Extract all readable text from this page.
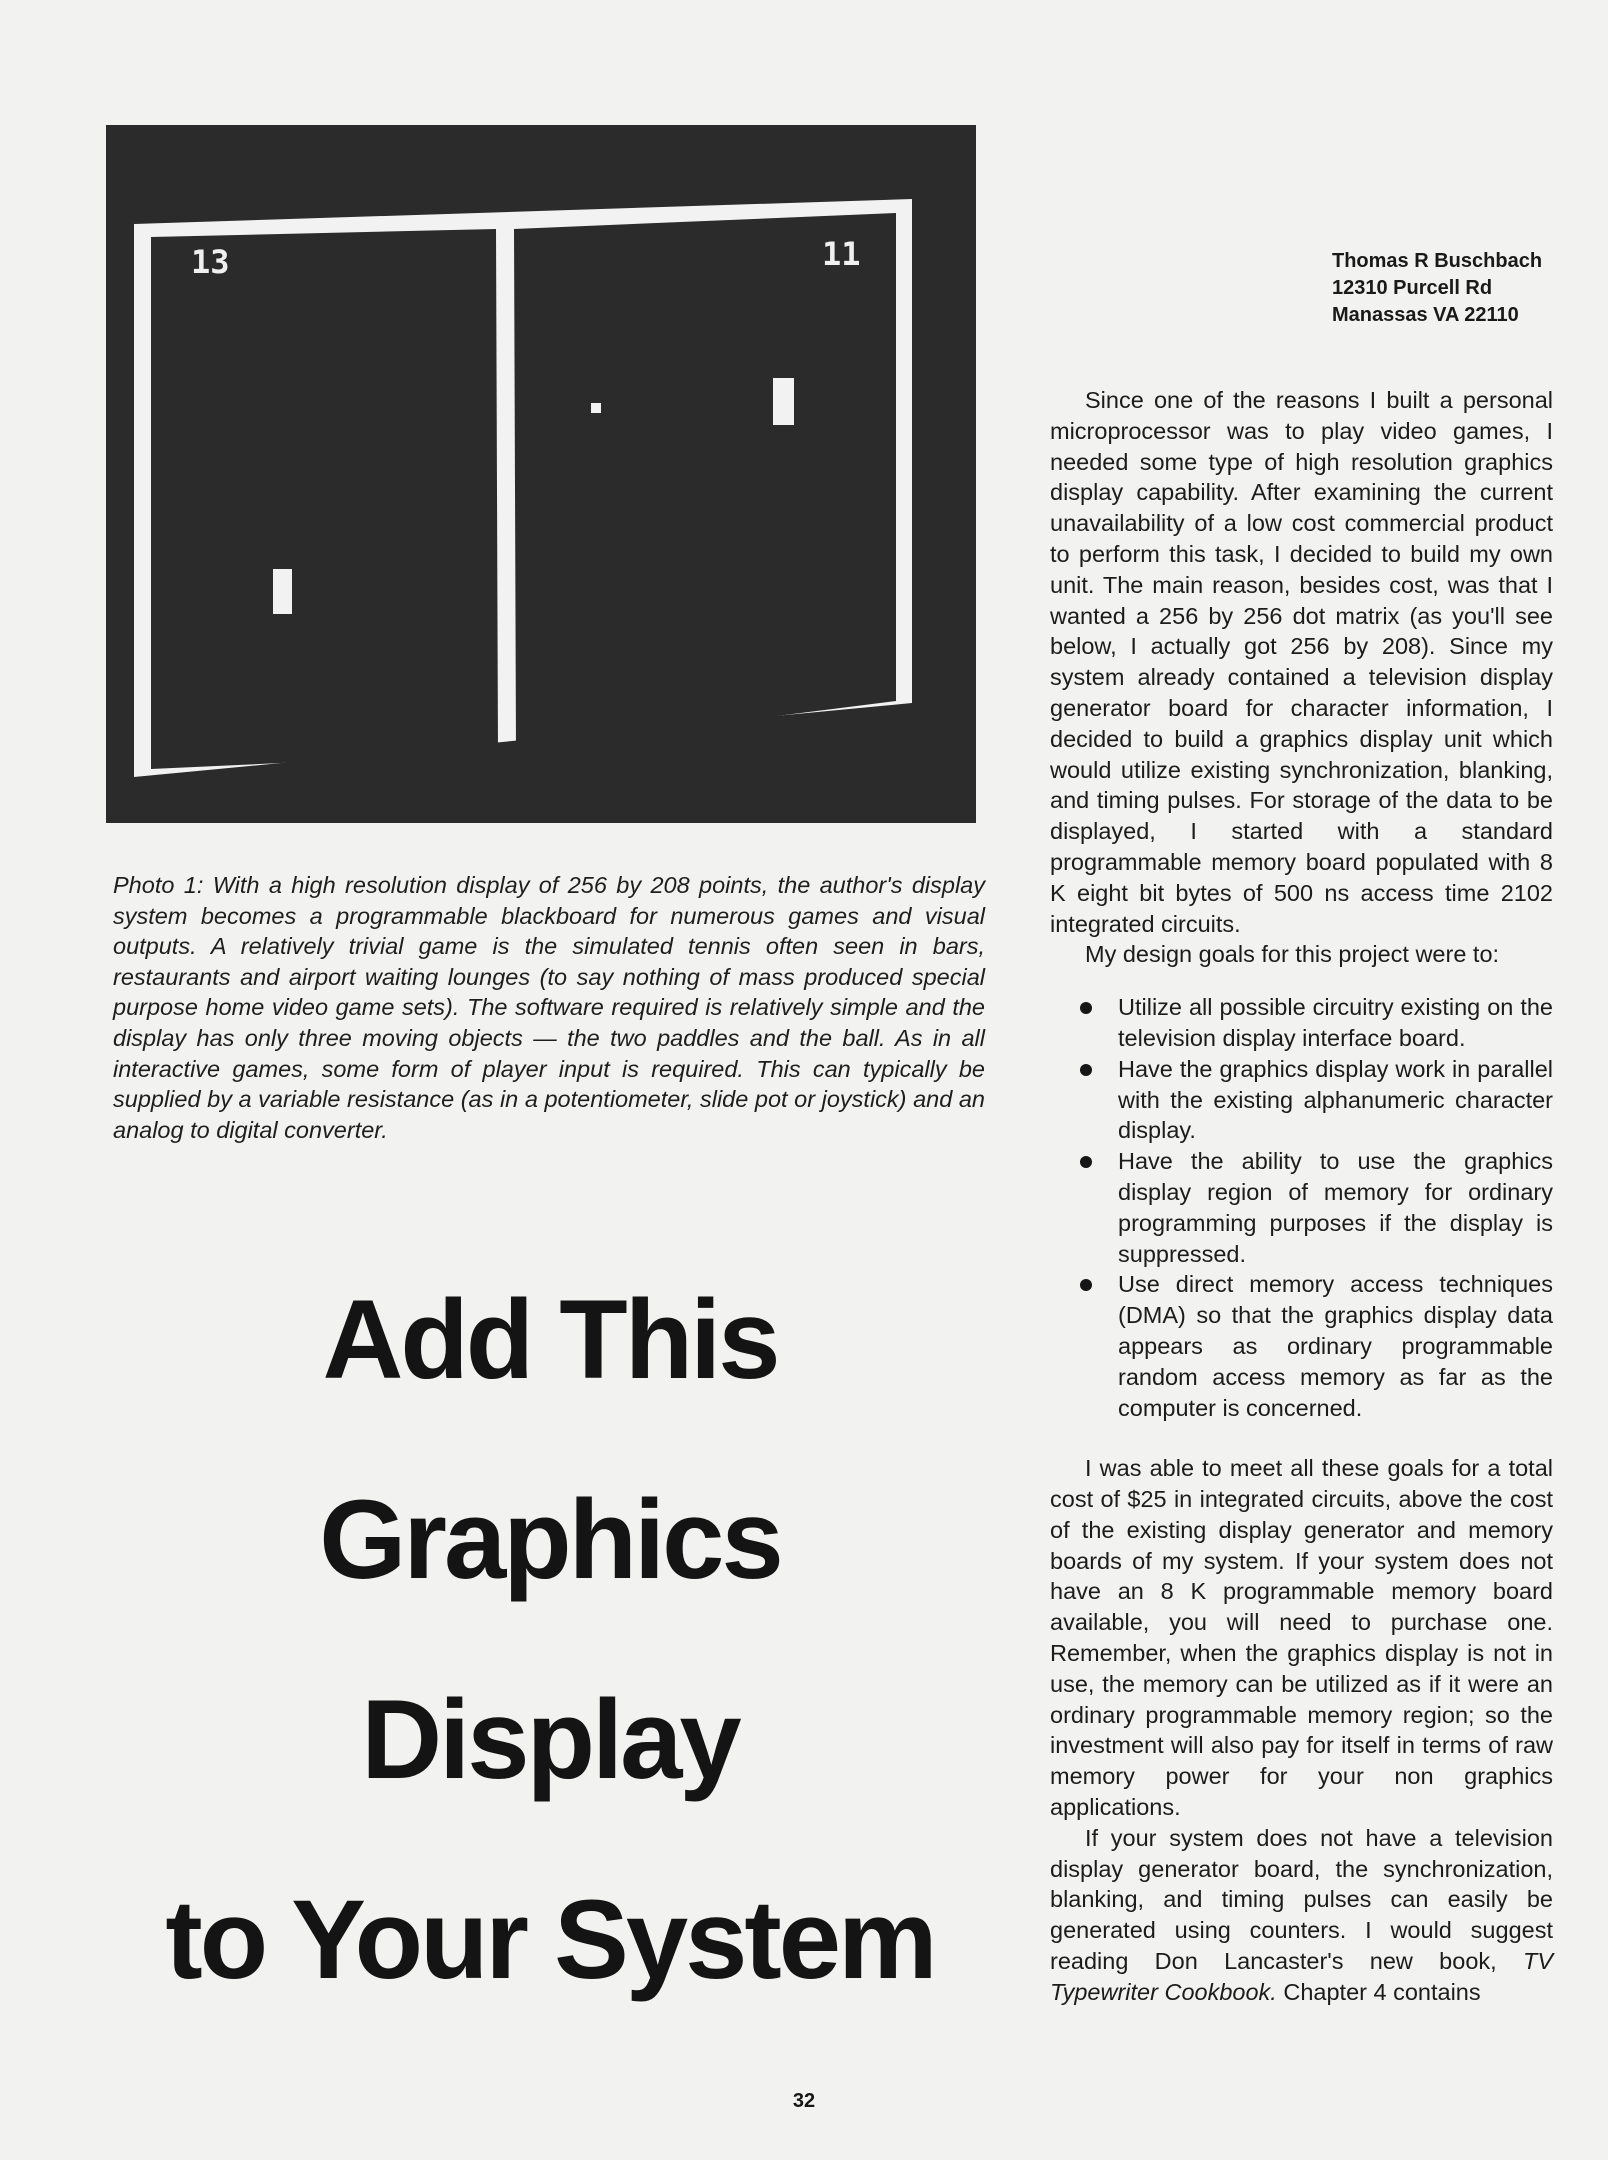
13	11

Photo 1: With a high resolution display of 256 by 208 points, the author's display system becomes a programmable blackboard for numerous games and visual outputs. A relatively trivial game is the simulated tennis often seen in bars, restaurants and airport waiting lounges (to say nothing of mass produced special purpose home video game sets). The software required is relatively simple and the display has only three moving objects — the two paddles and the ball. As in all interactive games, some form of player input is required. This can typically be supplied by a variable resistance (as in a potentiometer, slide pot or joystick) and an analog to digital converter.

Add This
Graphics
Display
to Your System
Thomas R Buschbach
12310 Purcell Rd
Manassas VA 22110

Since one of the reasons I built a personal microprocessor was to play video games, I needed some type of high resolution graphics display capability. After examining the current unavailability of a low cost commercial product to perform this task, I decided to build my own unit. The main reason, besides cost, was that I wanted a 256 by 256 dot matrix (as you'll see below, I actually got 256 by 208). Since my system already contained a television display generator board for character information, I decided to build a graphics display unit which would utilize existing synchronization, blanking, and timing pulses. For storage of the data to be displayed, I started with a standard programmable memory board populated with 8 K eight bit bytes of 500 ns access time 2102 integrated circuits.

My design goals for this project were to:

Utilize all possible circuitry existing on the television display interface board.
Have the graphics display work in parallel with the existing alphanumeric character display.
Have the ability to use the graphics display region of memory for ordinary programming purposes if the display is suppressed.
Use direct memory access techniques (DMA) so that the graphics display data appears as ordinary programmable random access memory as far as the computer is concerned.

I was able to meet all these goals for a total cost of $25 in integrated circuits, above the cost of the existing display generator and memory boards of my system. If your system does not have an 8 K programmable memory board available, you will need to purchase one. Remember, when the graphics display is not in use, the memory can be utilized as if it were an ordinary programmable memory region; so the investment will also pay for itself in terms of raw memory power for your non graphics applications.

If your system does not have a television display generator board, the synchronization, blanking, and timing pulses can easily be generated using counters. I would suggest reading Don Lancaster's new book, TV Typewriter Cookbook. Chapter 4 contains

32
